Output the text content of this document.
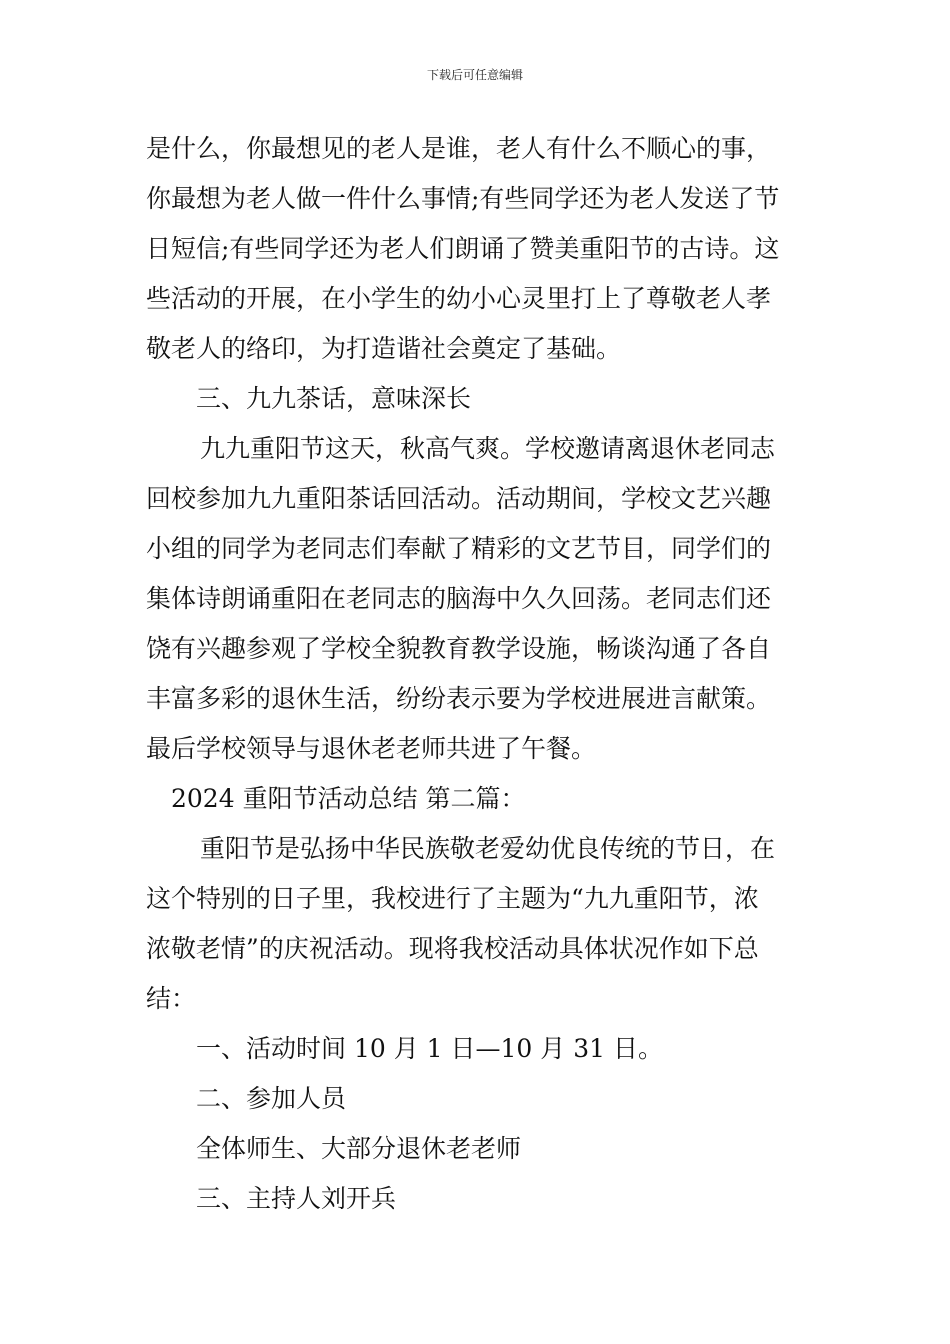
下载后可任意编辑
是什么，你最想见的老人是谁，老人有什么不顺心的事，
你最想为老人做一件什么事情;有些同学还为老人发送了节
日短信;有些同学还为老人们朗诵了赞美重阳节的古诗。这
些活动的开展，在小学生的幼小心灵里打上了尊敬老人孝
敬老人的络印，为打造谐社会奠定了基础。
三、九九茶话，意味深长
九九重阳节这天，秋高气爽。学校邀请离退休老同志
回校参加九九重阳茶话回活动。活动期间，学校文艺兴趣
小组的同学为老同志们奉献了精彩的文艺节目，同学们的
集体诗朗诵重阳在老同志的脑海中久久回荡。老同志们还
饶有兴趣参观了学校全貌教育教学设施，畅谈沟通了各自
丰富多彩的退休生活，纷纷表示要为学校进展进言献策。
最后学校领导与退休老老师共进了午餐。
2024 重阳节活动总结 第二篇：
重阳节是弘扬中华民族敬老爱幼优良传统的节日，在
这个特别的日子里，我校进行了主题为“九九重阳节，浓
浓敬老情”的庆祝活动。现将我校活动具体状况作如下总
结：
一、活动时间 10 月 1 日—10 月 31 日。
二、参加人员
全体师生、大部分退休老老师
三、主持人刘开兵
